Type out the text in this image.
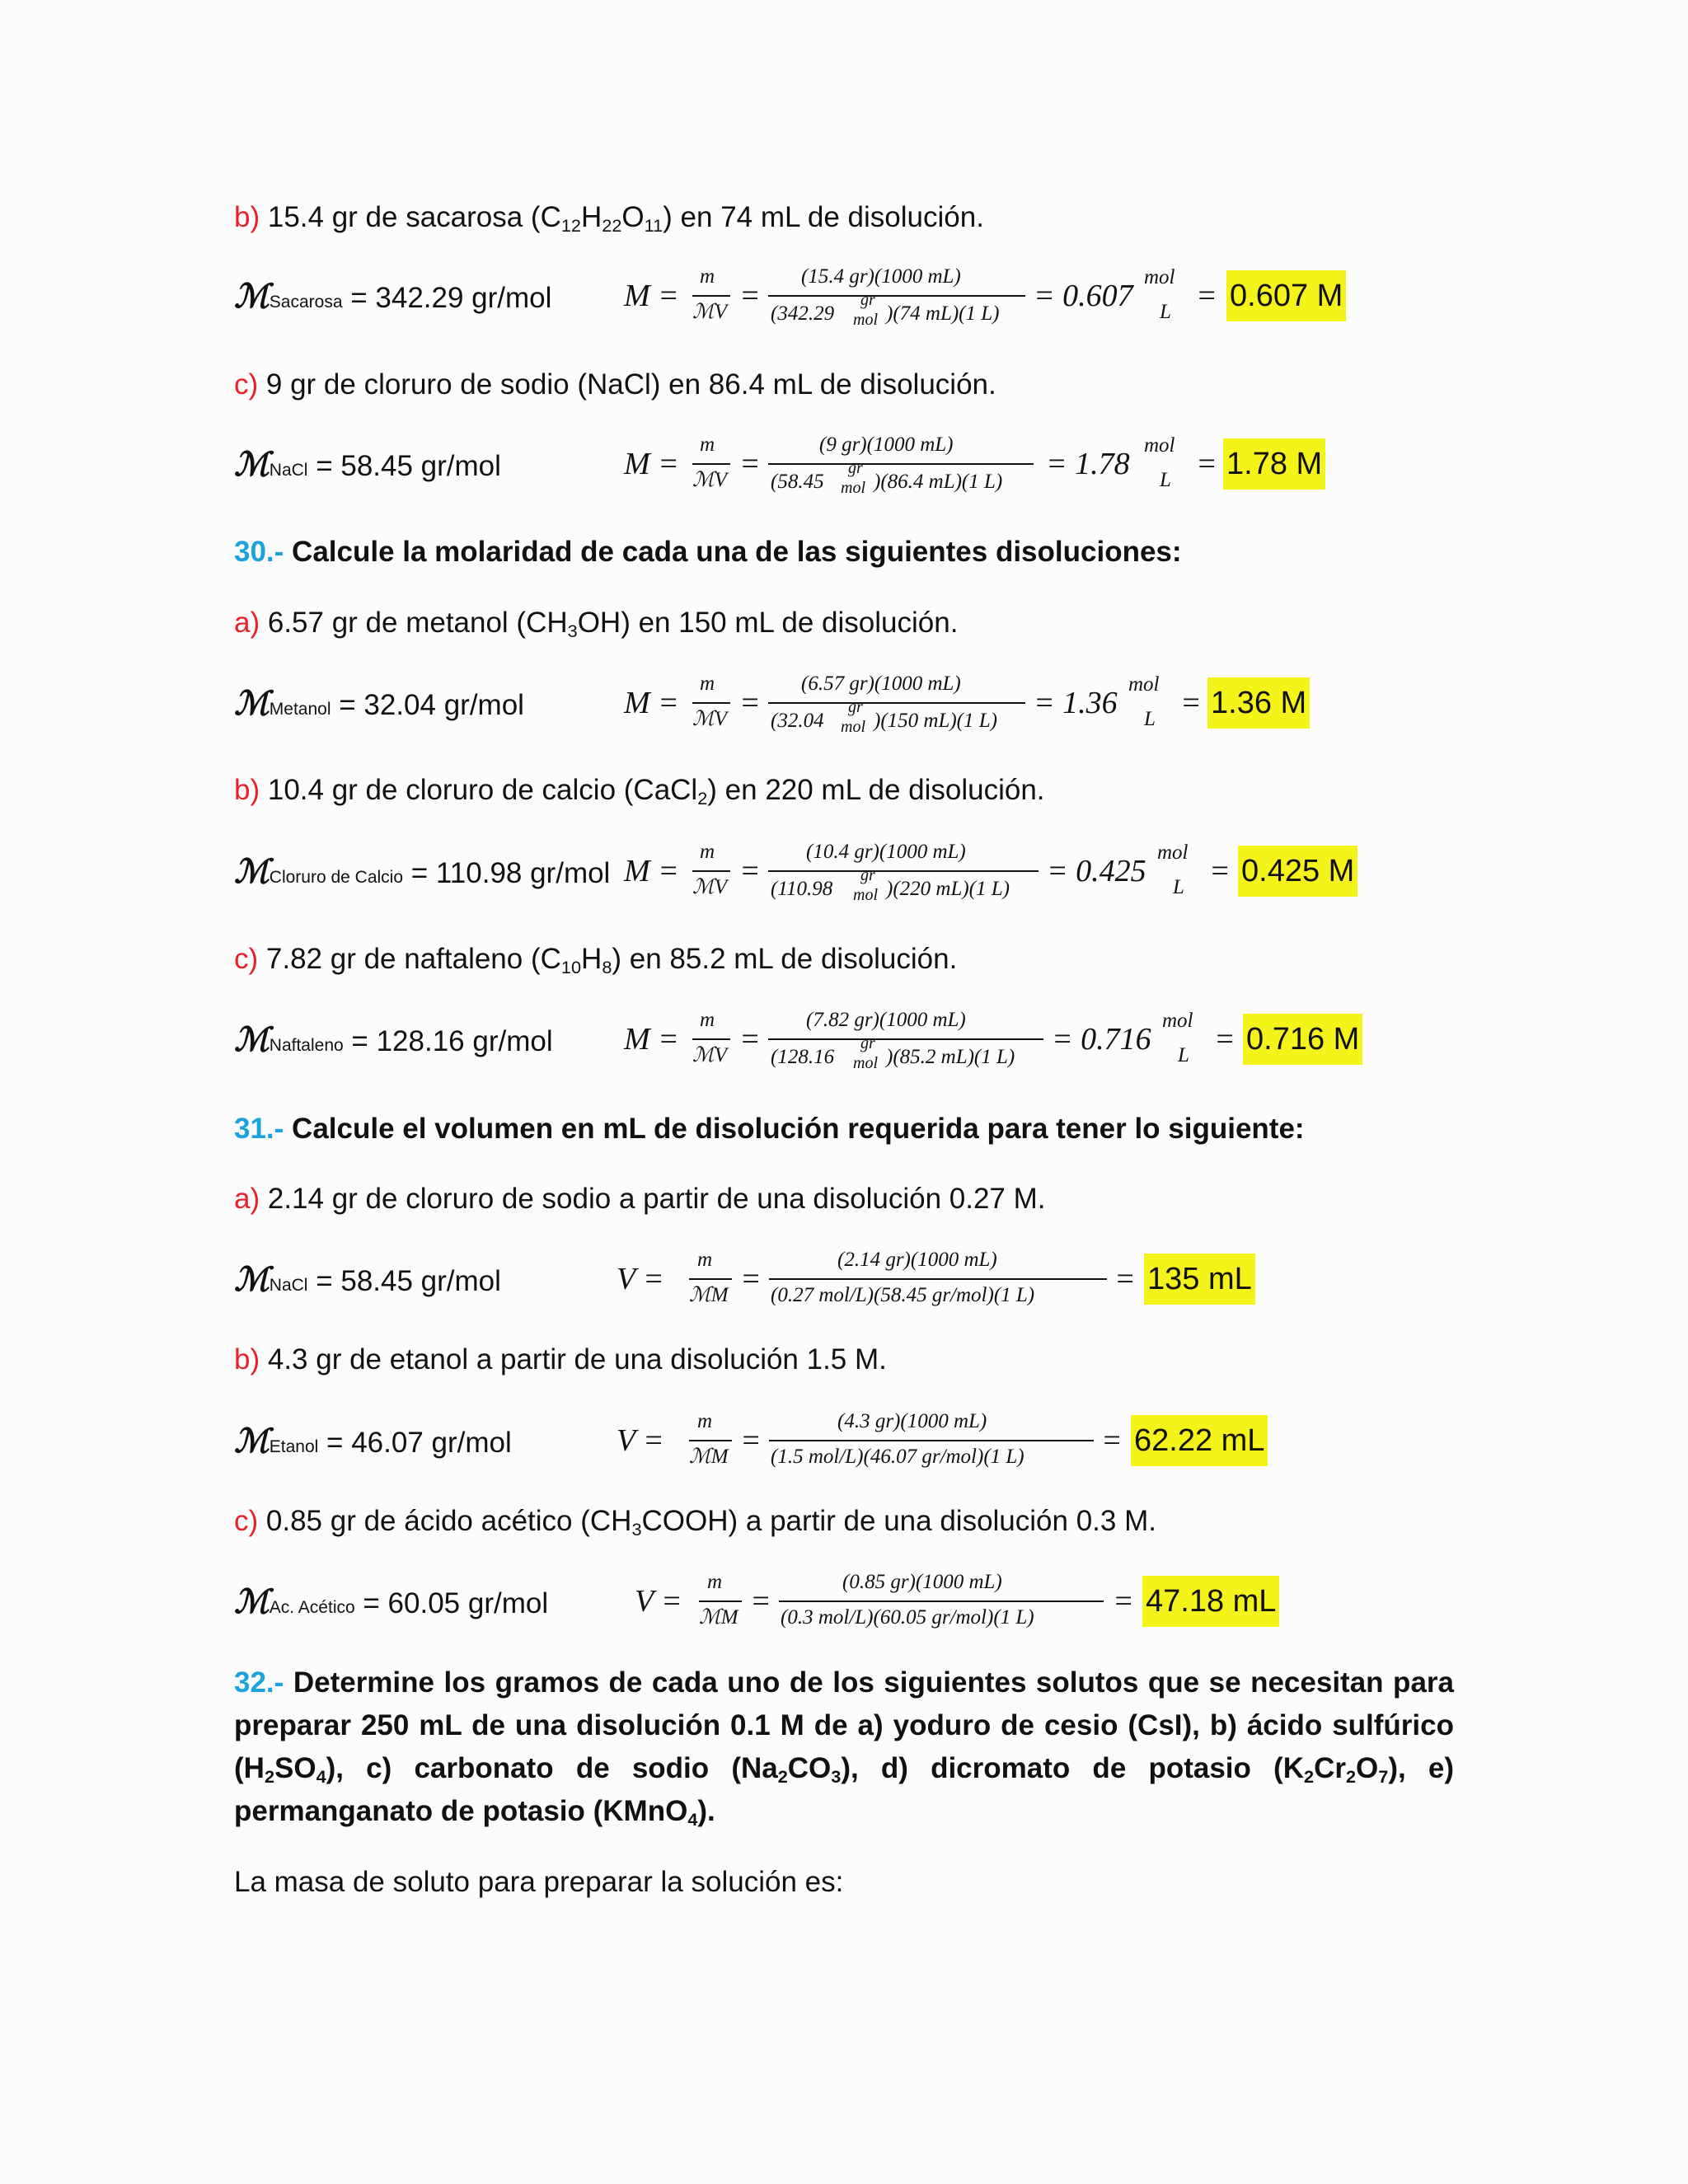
b) 15.4 gr de sacarosa $(C_{12}H_{22}O_{11})$ en 74 mL de disolución.
ℳSacarosa = 342.29 gr/mol M =
m
ℳV =
(15.4 gr)(1000 mL)
(342.29
gr
mol )(74 mL)(1 L)
= 0.607
mol
L = 0.607 M
c) 9 gr de cloruro de sodio (NaCl) en 86.4 mL de disolución.
ℳNaCl = 58.45 gr/mol	M =
m
ℳV =
(9 gr)(1000 mL)
(58.45
gr
mol )(86.4 mL)(1 L)
= 1.78
mol
L = 1.78 M
30.- Calcule la molaridad de cada una de las siguientes disoluciones:
a) 6.57 gr de metanol $(CH_3OH)$ en 150 mL de disolución.
ℳMetanol = 32.04 gr/mol	M =
m
ℳV =
(6.57 gr)(1000 mL)
(32.04
gr
mol )(150 mL)(1 L)
= 1.36
mol
L = 1.36 M
b) 10.4 gr de cloruro de calcio (CaCl$_2$) en 220 mL de disolución.
ℳCloruro de Calcio = 110.98 gr/mol M =
m
ℳV =
(10.4 gr)(1000 mL)
(110.98
gr
mol )(220 mL)(1 L)
= 0.425
mol
L = 0.425 M
c) 7.82 gr de naftaleno $(C_{10}H_8)$ en 85.2 mL de disolución.
ℳNaftaleno = 128.16 gr/mol M =
m
ℳV =
(7.82 gr)(1000 mL)
(128.16
gr
mol )(85.2 mL)(1 L)
= 0.716
mol
L = 0.716 M
31.- Calcule el volumen en mL de disolución requerida para tener lo siguiente:
a) 2.14 gr de cloruro de sodio a partir de una disolución 0.27 M.
ℳNaCl = 58.45 gr/mol	V =
m
ℳM =
(2.14 gr)(1000 mL)
(0.27 mol/L)(58.45 gr/mol)(1 L)	= 135 mL
b) 4.3 gr de etanol a partir de una disolución 1.5 M.
ℳEtanol = 46.07 gr/mol	V =
m
ℳM =
(4.3 gr)(1000 mL)
(1.5 mol/L)(46.07 gr/mol)(1 L) = 62.22 mL
c) 0.85 gr de ácido acético $(CH_3COOH)$ a partir de una disolución 0.3 M.
ℳAc. Acético = 60.05 gr/mol	V =
m
ℳM =
(0.85 gr)(1000 mL)
(0.3 mol/L)(60.05 gr/mol)(1 L)	= 47.18 mL
32.- Determine los gramos de cada uno de los siguientes solutos que se necesitan para preparar 250 mL de una disolución 0.1 M de a) yoduro de cesio (CsI), b) ácido sulfúrico $(H_2SO_4)$, c) carbonato de sodio $(Na_2CO_3)$, d) dicromato de potasio $(K_2Cr_2O_7)$, e) permanganato de potasio (KMnO$_4$).
La masa de soluto para preparar la solución es:
